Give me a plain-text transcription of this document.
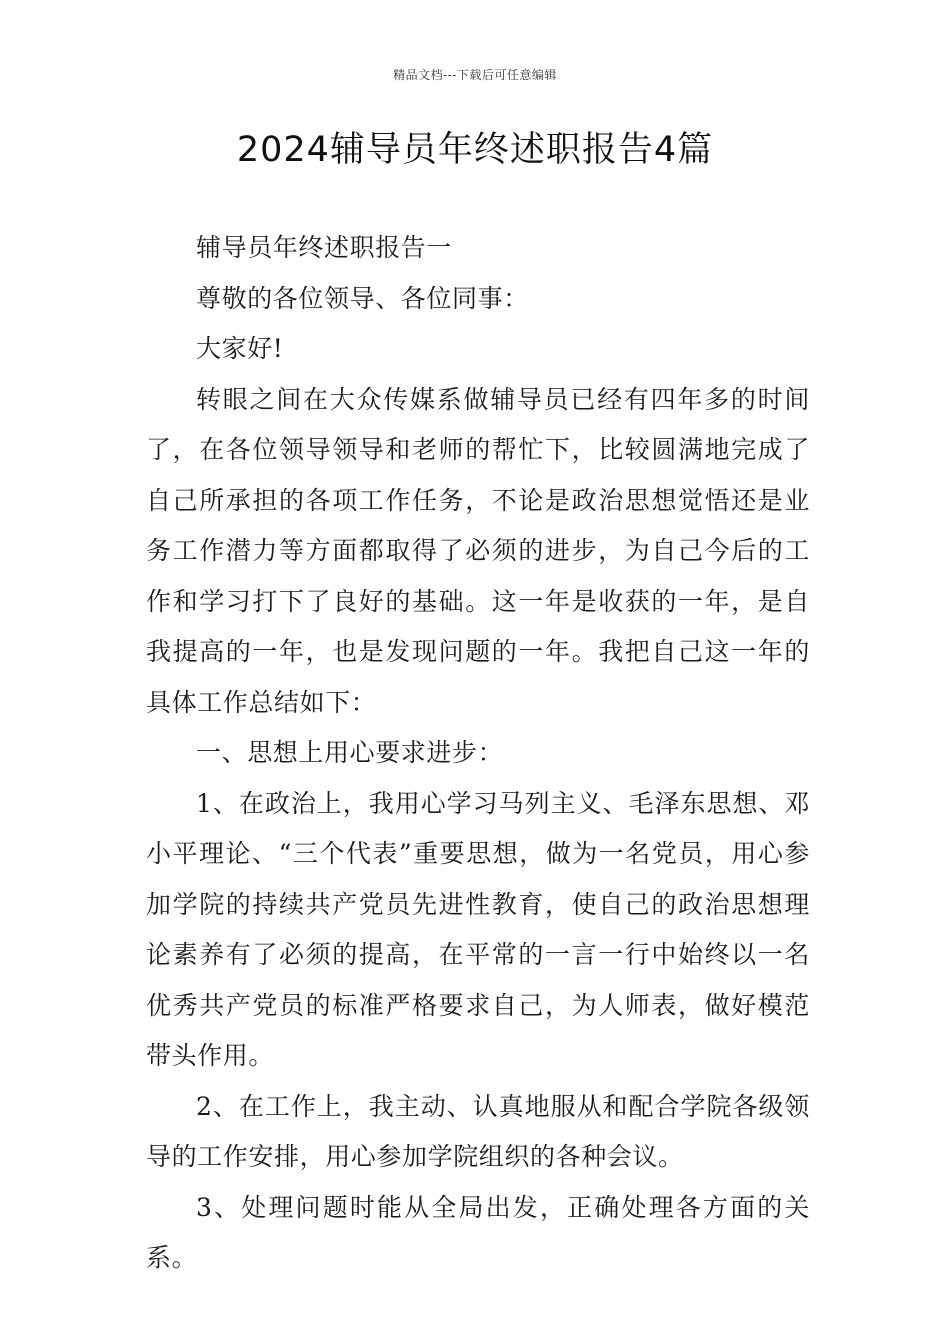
精品文档---下载后可任意编辑
2024辅导员年终述职报告4篇

辅导员年终述职报告一

尊敬的各位领导、各位同事：

大家好!

转眼之间在大众传媒系做辅导员已经有四年多的时间了，在各位领导领导和老师的帮忙下，比较圆满地完成了自己所承担的各项工作任务，不论是政治思想觉悟还是业务工作潜力等方面都取得了必须的进步，为自己今后的工作和学习打下了良好的基础。这一年是收获的一年，是自我提高的一年，也是发现问题的一年。我把自己这一年的具体工作总结如下：

一、思想上用心要求进步：

1、在政治上，我用心学习马列主义、毛泽东思想、邓小平理论、“三个代表”重要思想，做为一名党员，用心参加学院的持续共产党员先进性教育，使自己的政治思想理论素养有了必须的提高，在平常的一言一行中始终以一名优秀共产党员的标准严格要求自己，为人师表，做好模范带头作用。

2、在工作上，我主动、认真地服从和配合学院各级领导的工作安排，用心参加学院组织的各种会议。

3、处理问题时能从全局出发，正确处理各方面的关系。
